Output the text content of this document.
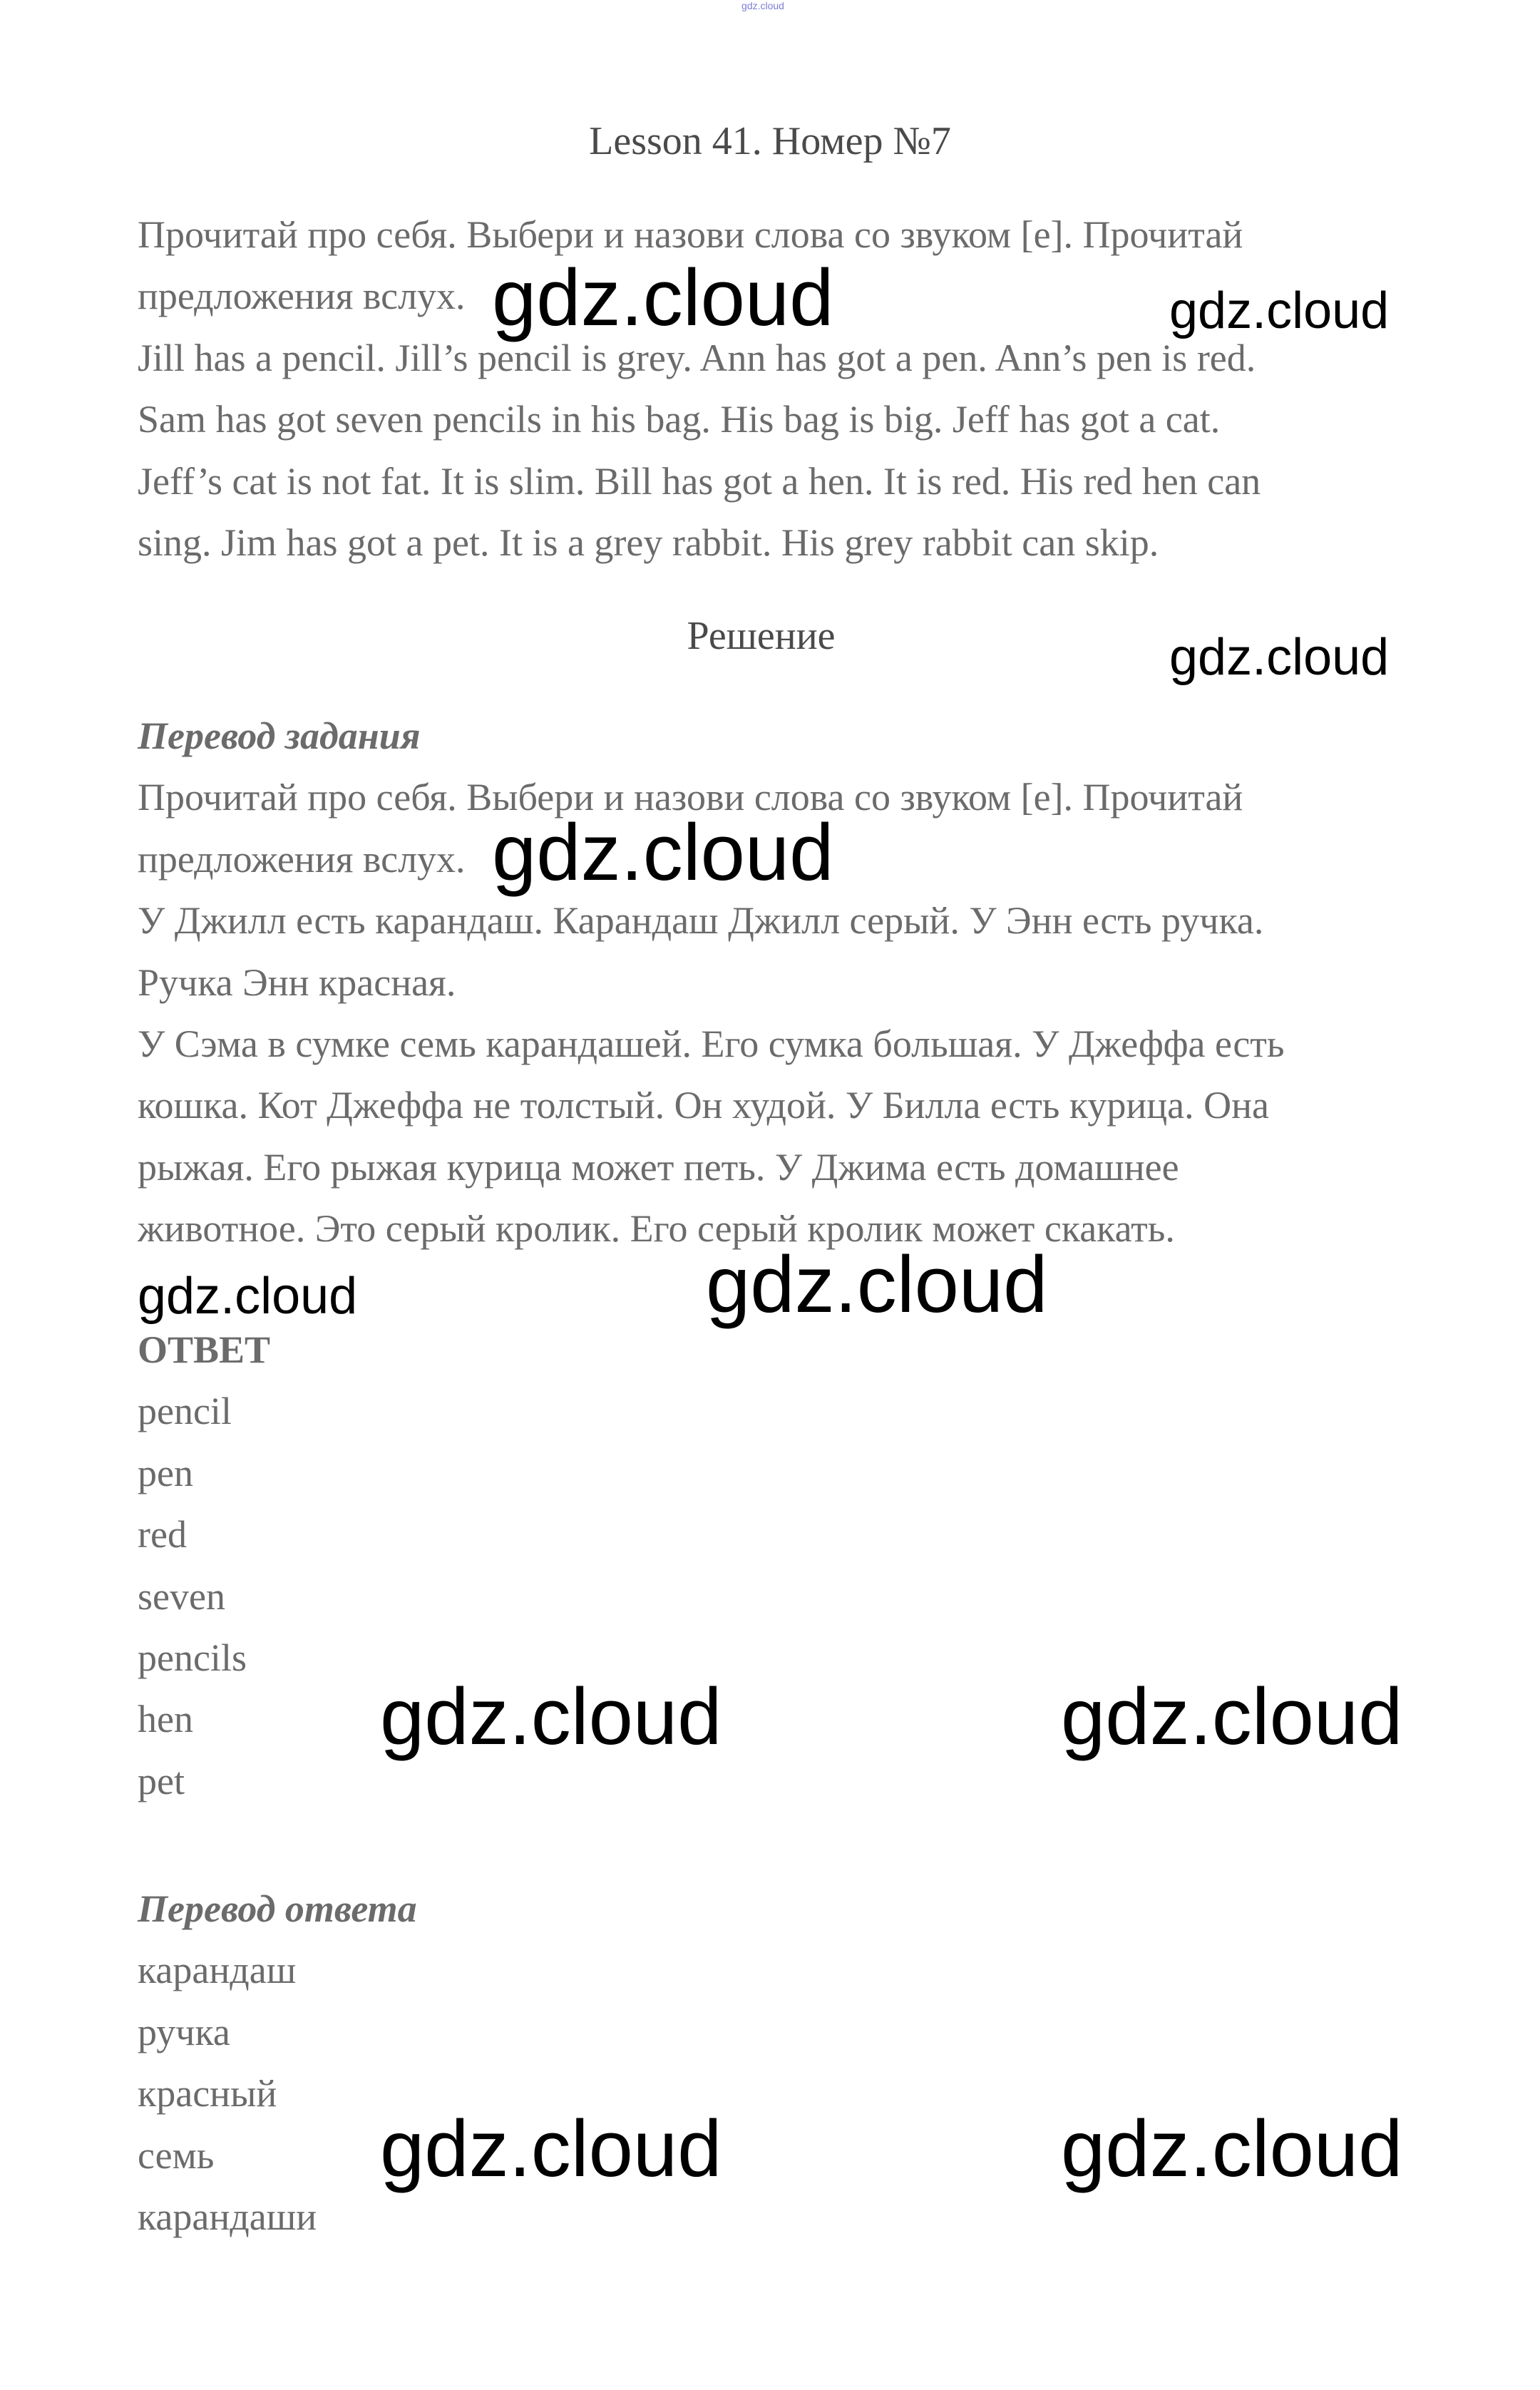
gdz.cloud
Lesson 41. Номер №7
Прочитай про себя. Выбери и назови слова со звуком [e]. Прочитай
предложения вслух.
Jill has a pencil. Jill’s pencil is grey. Ann has got a pen. Ann’s pen is red.
Sam has got seven pencils in his bag. His bag is big. Jeff has got a cat.
Jeff’s cat is not fat. It is slim. Bill has got a hen. It is red. His red hen can
sing. Jim has got a pet. It is a grey rabbit. His grey rabbit can skip.
Решение
Перевод задания
Прочитай про себя. Выбери и назови слова со звуком [e]. Прочитай
предложения вслух.
У Джилл есть карандаш. Карандаш Джилл серый. У Энн есть ручка.
Ручка Энн красная.
У Сэма в сумке семь карандашей. Его сумка большая. У Джеффа есть
кошка. Кот Джеффа не толстый. Он худой. У Билла есть курица. Она
рыжая. Его рыжая курица может петь. У Джима есть домашнее
животное. Это серый кролик. Его серый кролик может скакать.
ОТВЕТ
pencil
pen
red
seven
pencils
hen
pet
Перевод ответа
карандаш
ручка
красный
семь
карандаши
gdz.cloud	gdz.cloud
gdz.cloud
gdz.cloud
gdz.cloud	gdz.cloud
gdz.cloud	gdz.cloud
gdz.cloud	gdz.cloud
